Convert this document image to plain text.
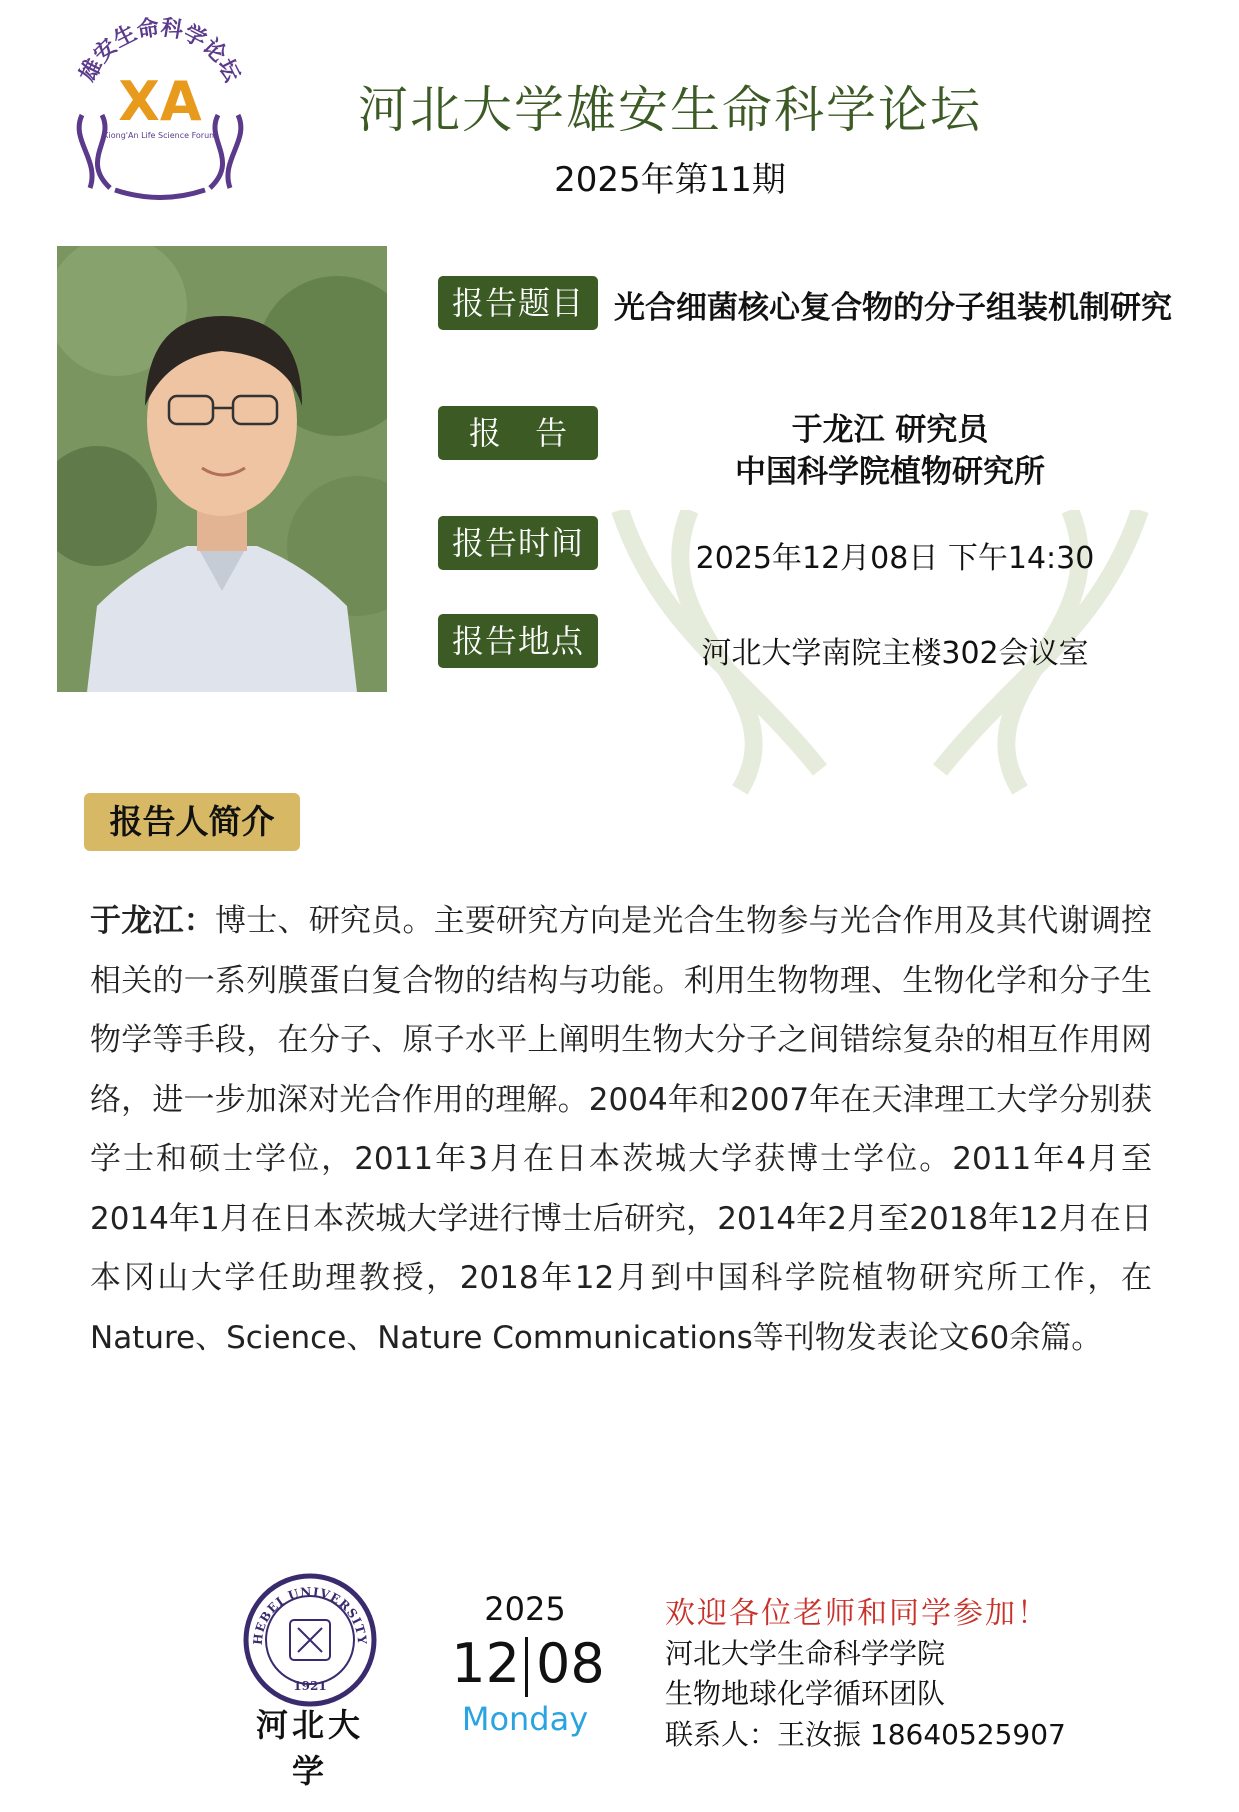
雄安生命科学论坛
XA
Xiong'An Life Science Forum	河北大学雄安生命科学论坛
2025年第11期
报告题目 光合细菌核心复合物的分子组装机制研究
报 告 人
于龙江 研究员
中国科学院植物研究所
报告时间	2025年12月08日 下午14:30
报告地点	河北大学南院主楼302会议室
报告人简介
于龙江：博士、研究员。主要研究方向是光合生物参与光合作用及其代谢调控相关的一系列膜蛋白复合物的结构与功能。利用生物物理、生物化学和分子生物学等手段，在分子、原子水平上阐明生物大分子之间错综复杂的相互作用网络，进一步加深对光合作用的理解。2004年和2007年在天津理工大学分别获学士和硕士学位，2011年3月在日本茨城大学获博士学位。2011年4月至2014年1月在日本茨城大学进行博士后研究，2014年2月至2018年12月在日本冈山大学任助理教授，2018年12月到中国科学院植物研究所工作，在Nature、Science、Nature Communications等刊物发表论文60余篇。
HEBEI UNIVERSITY
1921
河北大学
2025
12 08
Monday
欢迎各位老师和同学参加！
河北大学生命科学学院
生物地球化学循环团队
联系人：王汝振 18640525907
